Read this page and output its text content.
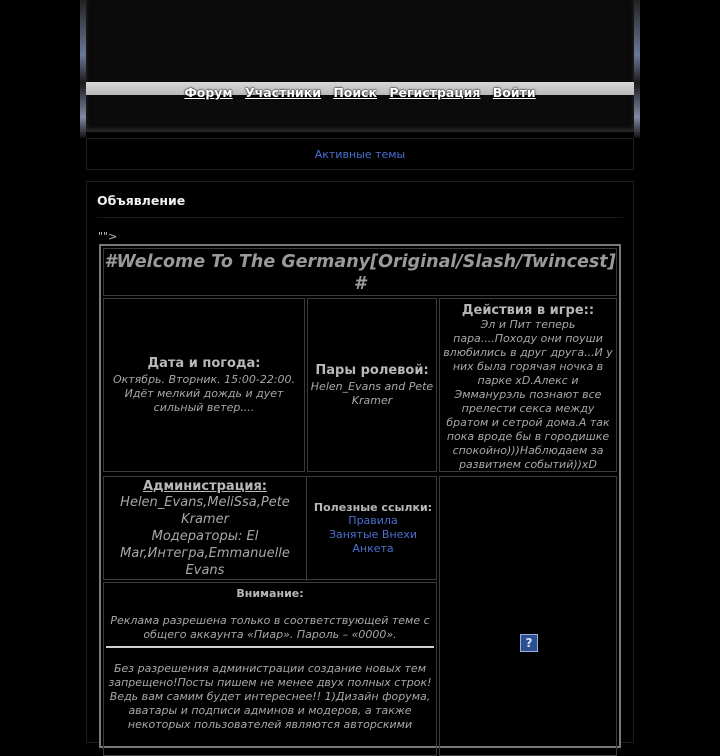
Форум Участники Поиск Регистрация Войти
Активные темы
Объявление
"">
#Welcome To The Germany[Original/Slash/Twincest] #
Дата и погода:
Октябрь. Вторник. 15:00-22:00. Идёт мелкий дождь и дует сильный ветер....
Пары ролевой:
Helen_Evans and Pete Kramer
Действия в игре::
Эл и Пит теперь пара....Походу они поуши влюбились в друг друга...И у них была горячая ночка в парке xD.Алекс и Эмманурэль познают все прелести секса между братом и сетрой дома.А так пока вроде бы в городишке спокойно)))Наблюдаем за развитием событий))xD
Администрация:
Helen_Evans,MeliSsa,Pete Kramer
Модераторы: El Mar,Интегра,Emmanuelle Evans
Полезные ссылки:
Правила
Занятые Внехи
Анкета
?
Внимание:
Реклама разрешена только в соответствующей теме с общего аккаунта «Пиар». Пароль – «0000».
Без разрешения администрации создание новых тем запрещено!Посты пишем не менее двух полных строк! Ведь вам самим будет интереснее!! 1)Дизайн форума, аватары и подписи админов и модеров, а также некоторых пользователей являются авторскими
